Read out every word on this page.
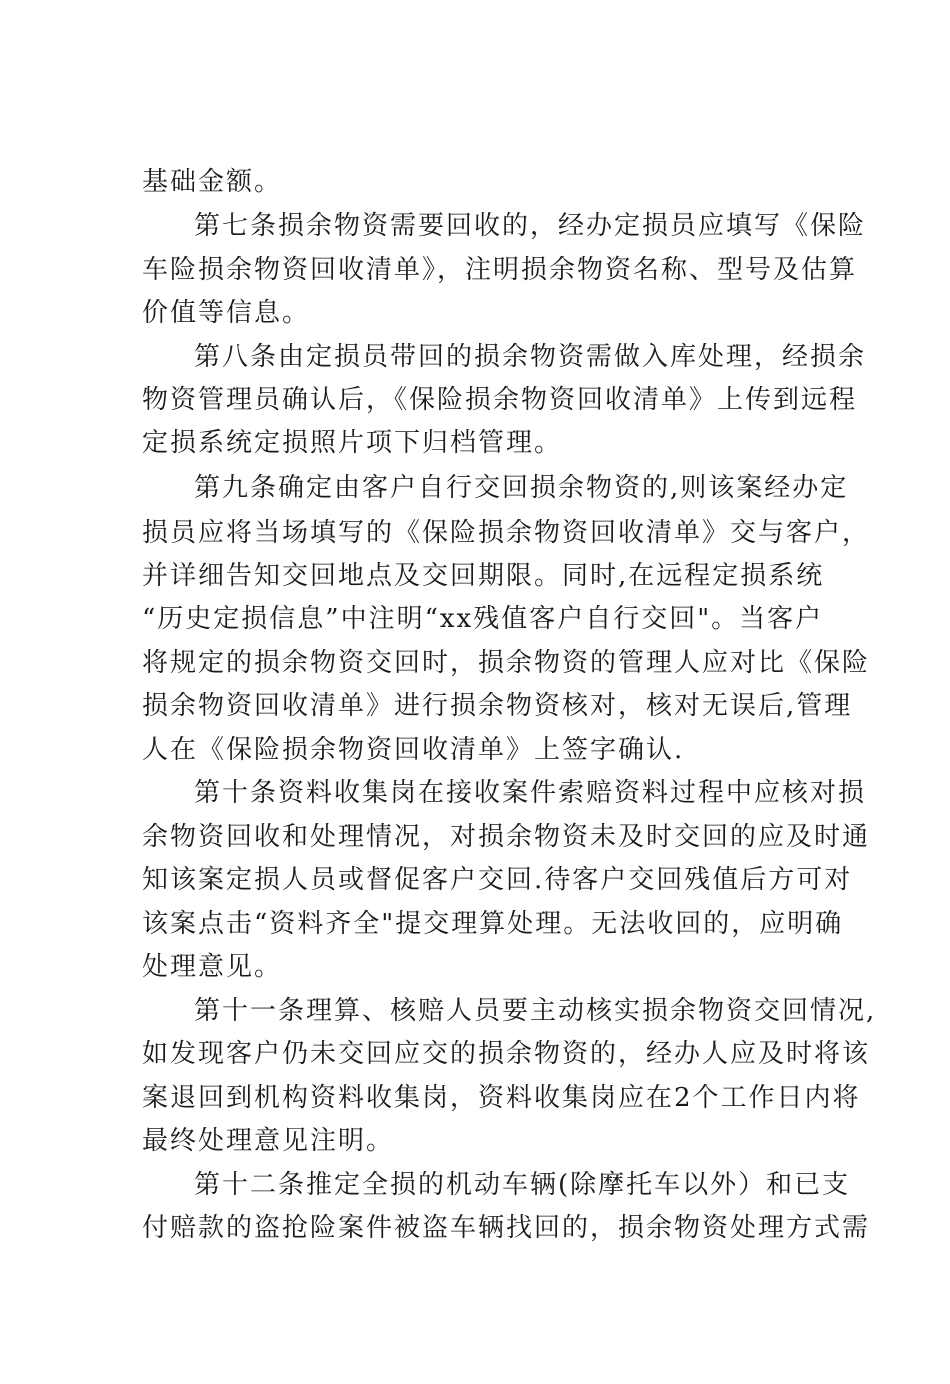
基础金额。
第七条损余物资需要回收的，经办定损员应填写《保险
车险损余物资回收清单》，注明损余物资名称、型号及估算
价值等信息。
第八条由定损员带回的损余物资需做入库处理，经损余
物资管理员确认后，《保险损余物资回收清单》上传到远程
定损系统定损照片项下归档管理。
第九条确定由客户自行交回损余物资的,则该案经办定
损员应将当场填写的《保险损余物资回收清单》交与客户，
并详细告知交回地点及交回期限。同时,在远程定损系统
“历史定损信息”中注明“xx残值客户自行交回"。当客户
将规定的损余物资交回时，损余物资的管理人应对比《保险
损余物资回收清单》进行损余物资核对，核对无误后,管理
人在《保险损余物资回收清单》上签字确认.
第十条资料收集岗在接收案件索赔资料过程中应核对损
余物资回收和处理情况，对损余物资未及时交回的应及时通
知该案定损人员或督促客户交回.待客户交回残值后方可对
该案点击“资料齐全"提交理算处理。无法收回的，应明确
处理意见。
第十一条理算、核赔人员要主动核实损余物资交回情况,
如发现客户仍未交回应交的损余物资的，经办人应及时将该
案退回到机构资料收集岗，资料收集岗应在2个工作日内将
最终处理意见注明。
第十二条推定全损的机动车辆(除摩托车以外）和已支
付赔款的盗抢险案件被盗车辆找回的，损余物资处理方式需
